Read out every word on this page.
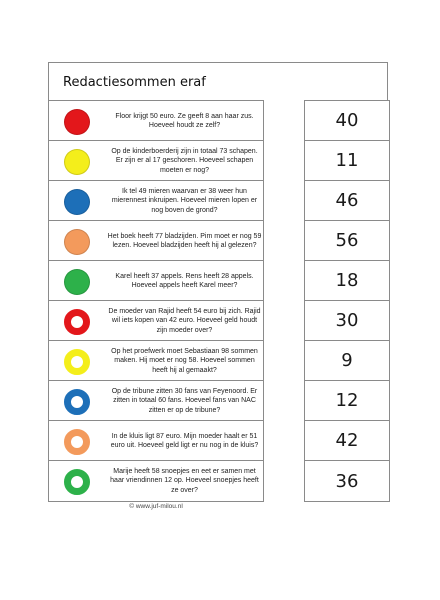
Redactiesommen eraf
Floor krijgt 50 euro. Ze geeft 8 aan haar zus. Hoeveel houdt ze zelf?
Op de kinderboerderij zijn in totaal 73 schapen. Er zijn er al 17 geschoren. Hoeveel schapen moeten er nog?
Ik tel 49 mieren waarvan er 38 weer hun mierennest inkruipen. Hoeveel mieren lopen er nog boven de grond?
Het boek heeft 77 bladzijden. Pim moet er nog 59 lezen. Hoeveel bladzijden heeft hij al gelezen?
Karel heeft 37 appels. Rens heeft 28 appels. Hoeveel appels heeft Karel meer?
De moeder van Rajid heeft 54 euro bij zich. Rajid wil iets kopen van 42 euro. Hoeveel geld houdt zijn moeder over?
Op het proefwerk moet Sebastiaan 98 sommen maken. Hij moet er nog 58. Hoeveel sommen heeft hij al gemaakt?
Op de tribune zitten 30 fans van Feyenoord. Er zitten in totaal 60 fans. Hoeveel fans van NAC zitten er op de tribune?
In de kluis ligt 87 euro. Mijn moeder haalt er 51 euro uit. Hoeveel geld ligt er nu nog in de kluis?
Marije heeft 58 snoepjes en eet er samen met haar vriendinnen 12 op. Hoeveel snoepjes heeft ze over?
40
11
46
56
18
30
9
12
42
36
© www.juf-milou.nl
